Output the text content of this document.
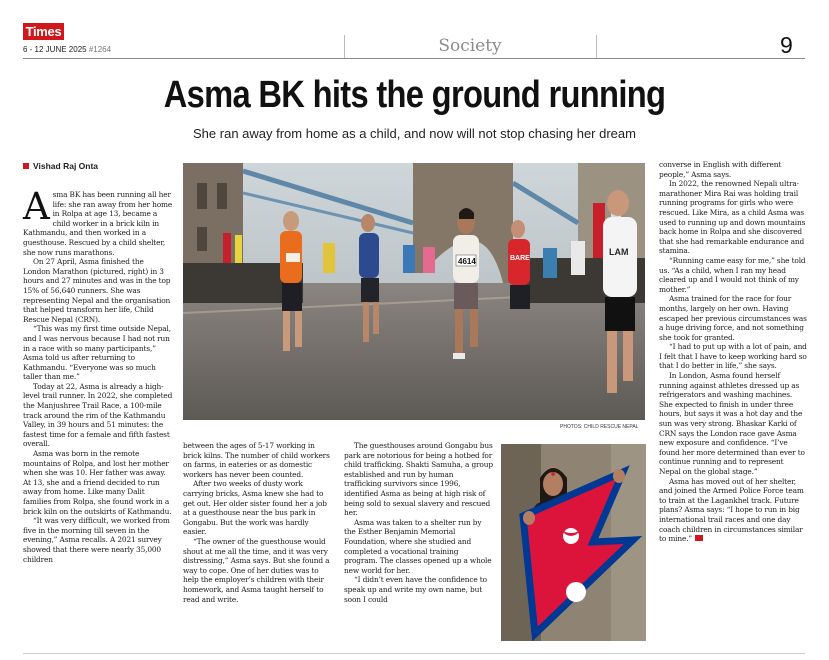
Times
6 - 12 JUNE 2025 #1264	Society	9
Asma BK hits the ground running
She ran away from home as a child, and now will not stop chasing her dream
Vishad Raj Onta

Asma BK has been running all her life: she ran away from her home in Rolpa at age 13, became a child worker in a brick kiln in Kathmandu, and then worked in a guesthouse. Rescued by a child shelter, she now runs marathons.

On 27 April, Asma finished the London Marathon (pictured, right) in 3 hours and 27 minutes and was in the top 15% of 56,640 runners. She was representing Nepal and the organisation that helped transform her life, Child Rescue Nepal (CRN).

“This was my first time outside Nepal, and I was nervous because I had not run in a race with so many participants,” Asma told us after returning to Kathmandu. “Everyone was so much taller than me.”

Today at 22, Asma is already a high-level trail runner. In 2022, she completed the Manjushree Trail Race, a 100-mile track around the rim of the Kathmandu Valley, in 39 hours and 51 minutes: the fastest time for a female and fifth fastest overall.

Asma was born in the remote mountains of Rolpa, and lost her mother when she was 10. Her father was away. At 13, she and a friend decided to run away from home. Like many Dalit families from Rolpa, she found work in a brick kiln on the outskirts of Kathmandu.

“It was very difficult, we worked from five in the morning till seven in the evening,” Asma recalls. A 2021 survey showed that there were nearly 35,000 children

4614	BARE
LAM
PHOTOS: CHILD RESCUE NEPAL

between the ages of 5-17 working in brick kilns. The number of child workers on farms, in eateries or as domestic workers has never been counted.

After two weeks of dusty work carrying bricks, Asma knew she had to get out. Her older sister found her a job at a guesthouse near the bus park in Gongabu. But the work was hardly easier.

“The owner of the guesthouse would shout at me all the time, and it was very distressing,” Asma says. But she found a way to cope. One of her duties was to help the employer’s children with their homework, and Asma taught herself to read and write.

The guesthouses around Gongabu bus park are notorious for being a hotbed for child trafficking. Shakti Samuha, a group established and run by human trafficking survivors since 1996, identified Asma as being at high risk of being sold to sexual slavery and rescued her.

Asma was taken to a shelter run by the Esther Benjamin Memorial Foundation, where she studied and completed a vocational training program. The classes opened up a whole new world for her.

“I didn’t even have the confidence to speak up and write my own name, but soon I could

converse in English with different people,” Asma says.

In 2022, the renowned Nepali ultra-marathoner Mira Rai was holding trail running programs for girls who were rescued. Like Mira, as a child Asma was used to running up and down mountains back home in Rolpa and she discovered that she had remarkable endurance and stamina.

“Running came easy for me,” she told us. “As a child, when I ran my head cleared up and I would not think of my mother.”

Asma trained for the race for four months, largely on her own. Having escaped her previous circumstances was a huge driving force, and not something she took for granted.

“I had to put up with a lot of pain, and I felt that I have to keep working hard so that I do better in life,” she says.

In London, Asma found herself running against athletes dressed up as refrigerators and washing machines. She expected to finish in under three hours, but says it was a hot day and the sun was very strong. Bhaskar Karki of CRN says the London race gave Asma new exposure and confidence. “I’ve found her more determined than ever to continue running and to represent Nepal on the global stage.”

Asma has moved out of her shelter, and joined the Armed Police Force team to train at the Lagankhel track. Future plans? Asma says: “I hope to run in big international trail races and one day coach children in circumstances similar to mine.”
